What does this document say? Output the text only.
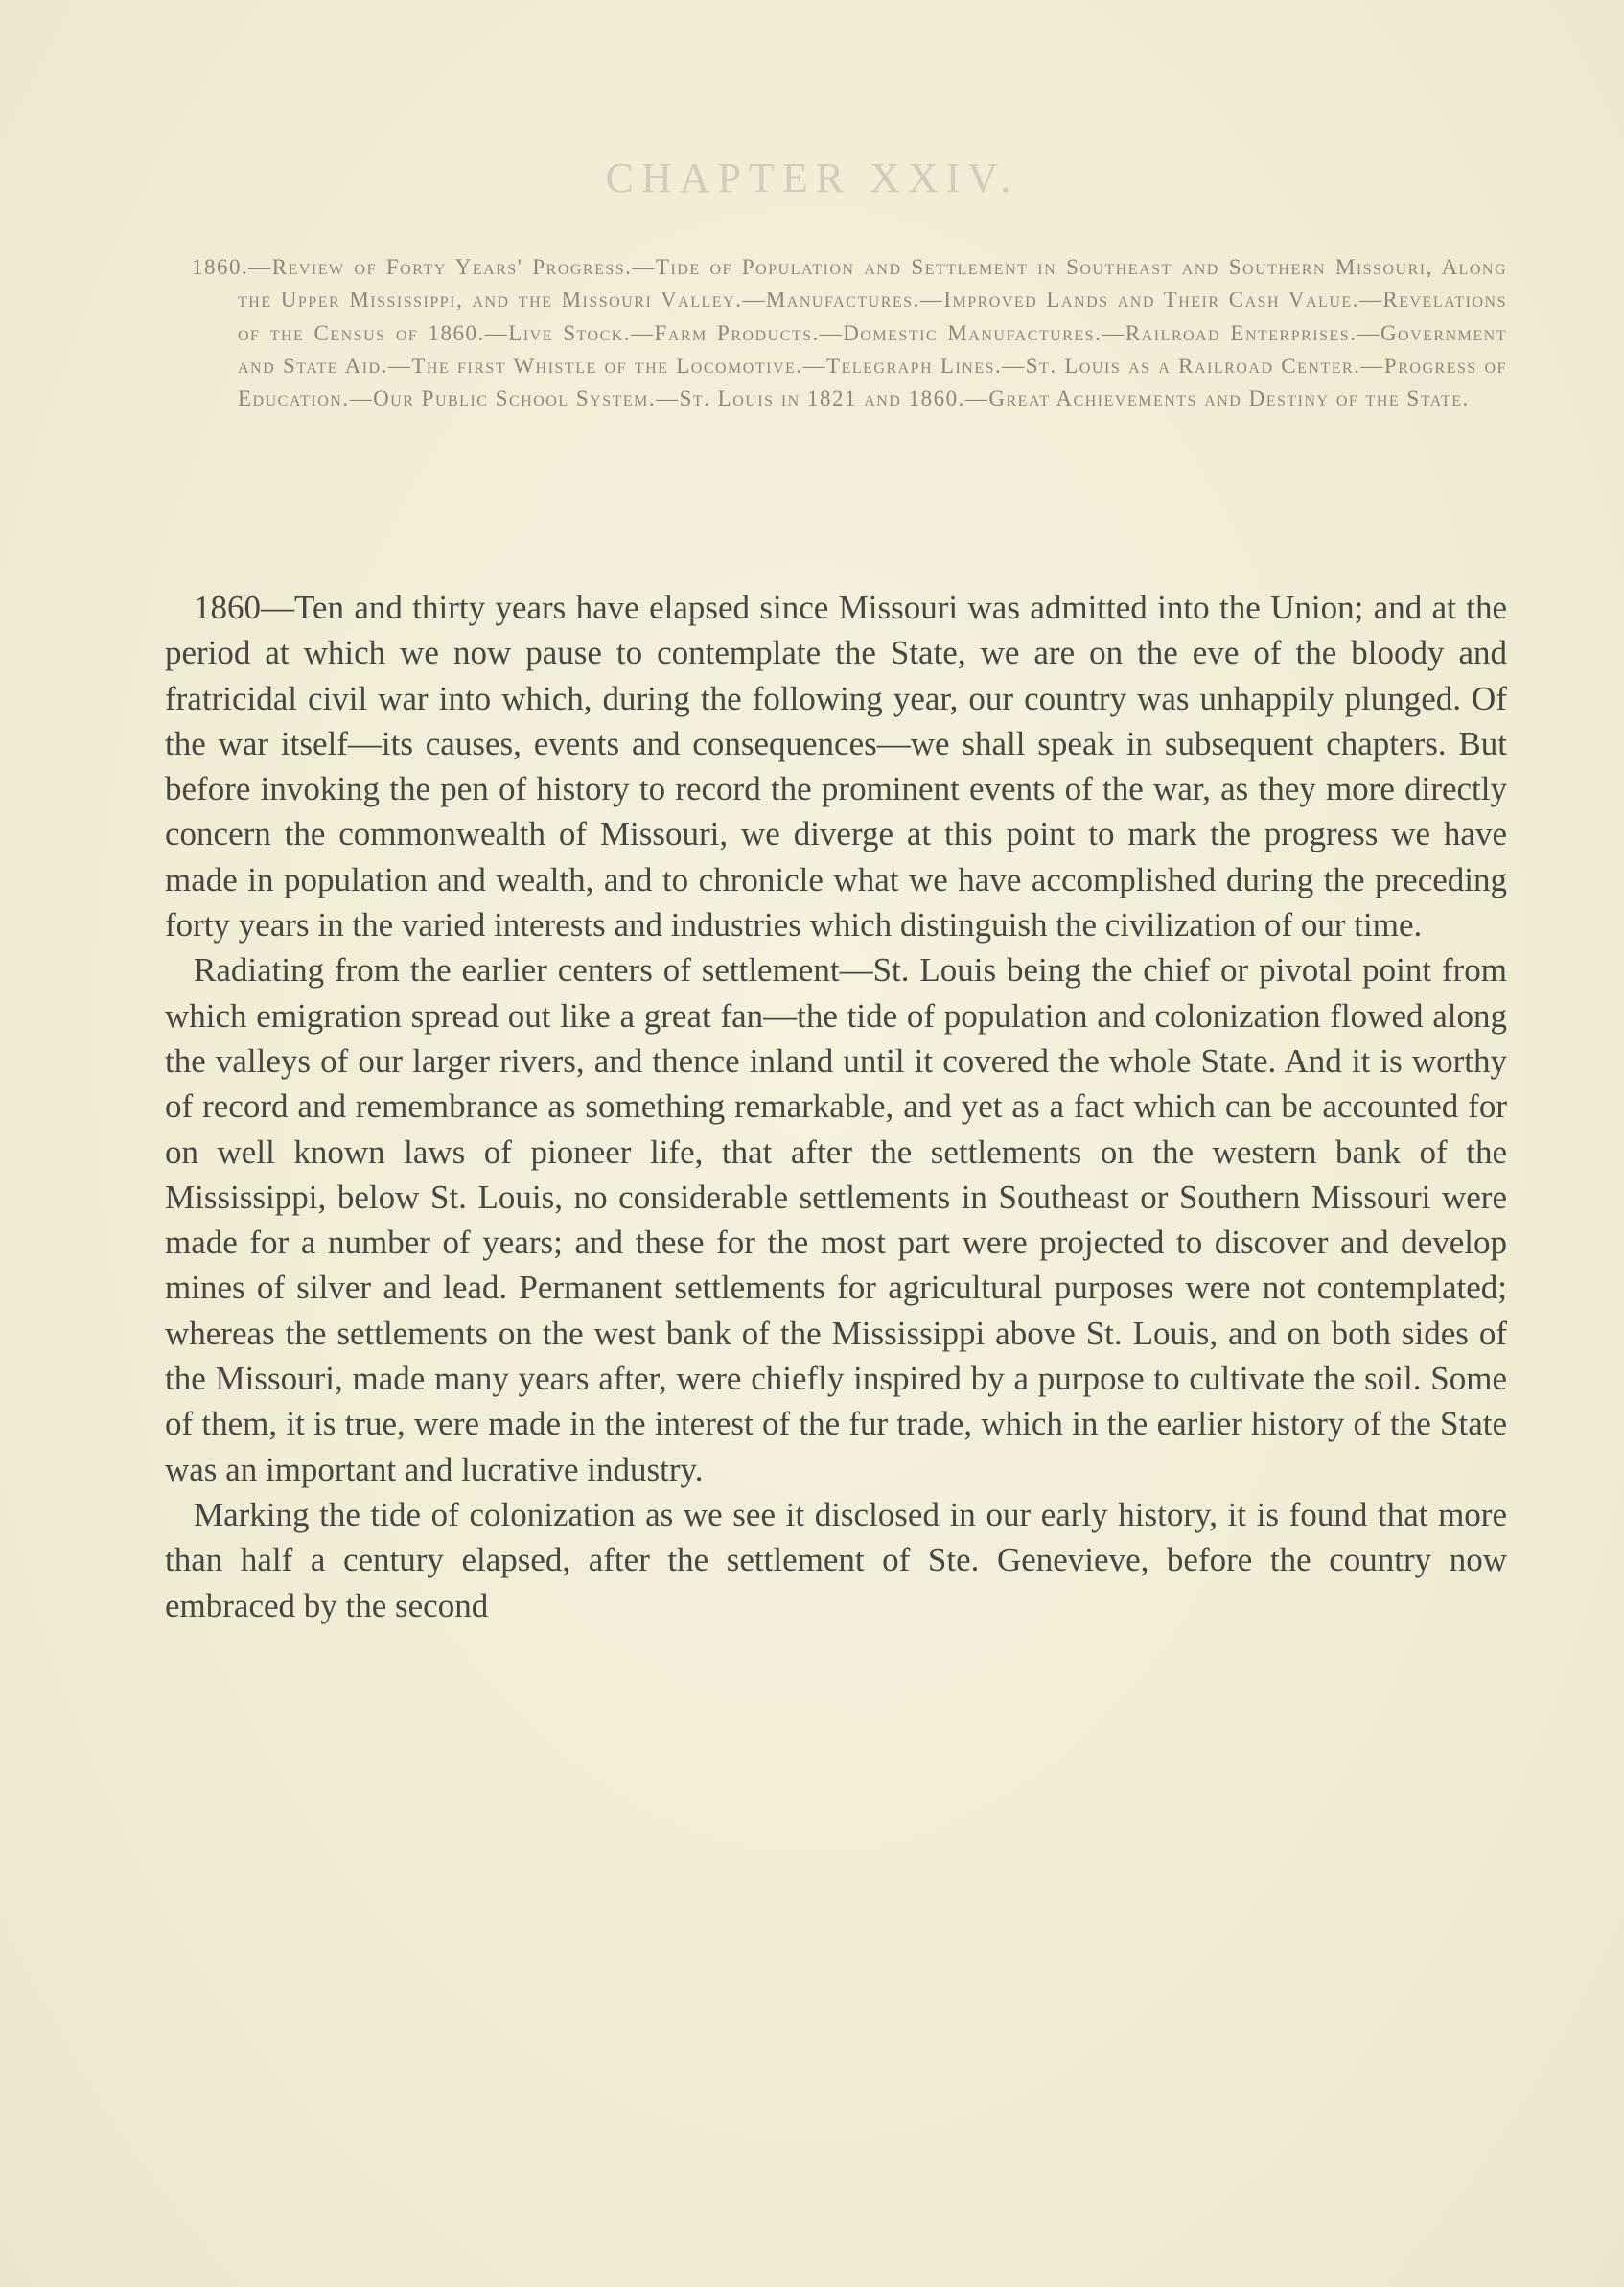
CHAPTER XXIV.

1860.—Review of Forty Years' Progress.—Tide of Population and Settlement in Southeast and Southern Missouri, Along the Upper Mississippi, and the Missouri Valley.—Manufactures.—Improved Lands and Their Cash Value.—Revelations of the Census of 1860.—Live Stock.—Farm Products.—Domestic Manufactures.—Railroad Enterprises.—Government and State Aid.—The first Whistle of the Locomotive.—Telegraph Lines.—St. Louis as a Railroad Center.—Progress of Education.—Our Public School System.—St. Louis in 1821 and 1860.—Great Achievements and Destiny of the State.

1860—Ten and thirty years have elapsed since Missouri was admitted into the Union; and at the period at which we now pause to contemplate the State, we are on the eve of the bloody and fratricidal civil war into which, during the following year, our country was unhappily plunged. Of the war itself—its causes, events and consequences—we shall speak in subsequent chapters. But before invoking the pen of history to record the prominent events of the war, as they more directly concern the commonwealth of Missouri, we diverge at this point to mark the progress we have made in population and wealth, and to chronicle what we have accomplished during the preceding forty years in the varied interests and industries which distinguish the civilization of our time.

Radiating from the earlier centers of settlement—St. Louis being the chief or pivotal point from which emigration spread out like a great fan—the tide of population and colonization flowed along the valleys of our larger rivers, and thence inland until it covered the whole State. And it is worthy of record and remembrance as something remarkable, and yet as a fact which can be accounted for on well known laws of pioneer life, that after the settlements on the western bank of the Mississippi, below St. Louis, no considerable settlements in Southeast or Southern Missouri were made for a number of years; and these for the most part were projected to discover and develop mines of silver and lead. Permanent settlements for agricultural purposes were not contemplated; whereas the settlements on the west bank of the Mississippi above St. Louis, and on both sides of the Missouri, made many years after, were chiefly inspired by a purpose to cultivate the soil. Some of them, it is true, were made in the interest of the fur trade, which in the earlier history of the State was an important and lucrative industry.

Marking the tide of colonization as we see it disclosed in our early history, it is found that more than half a century elapsed, after the settlement of Ste. Genevieve, before the country now embraced by the second
